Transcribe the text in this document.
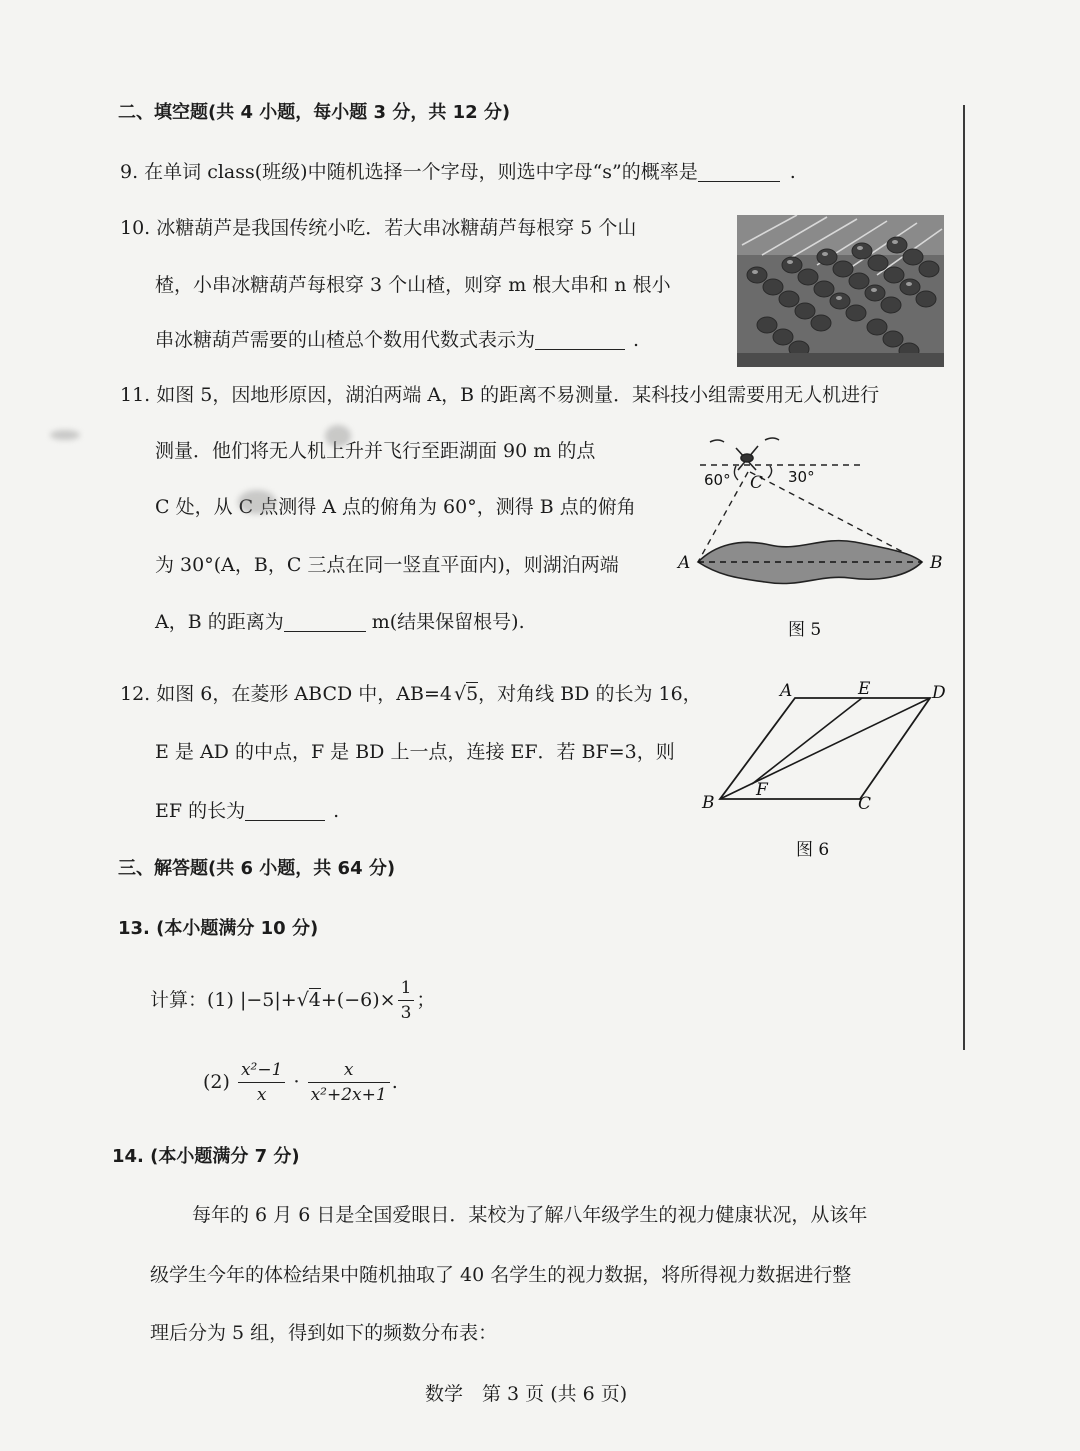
二、填空题(共 4 小题，每小题 3 分，共 12 分)
9. 在单词 class(班级)中随机选择一个字母，则选中字母“s”的概率是	.
10. 冰糖葫芦是我国传统小吃．若大串冰糖葫芦每根穿 5 个山
楂，小串冰糖葫芦每根穿 3 个山楂，则穿 m 根大串和 n 根小
串冰糖葫芦需要的山楂总个数用代数式表示为	.
11. 如图 5，因地形原因，湖泊两端 A，B 的距离不易测量．某科技小组需要用无人机进行
测量．他们将无人机上升并飞行至距湖面 90 m 的点
C 处，从 C 点测得 A 点的俯角为 60°，测得 B 点的俯角
为 30°(A，B，C 三点在同一竖直平面内)，则湖泊两端
A，B 的距离为	m(结果保留根号).
A	B
C
60°	30°
图 5
12. 如图 6，在菱形 ABCD 中，AB=4 √5，对角线 BD 的长为 16，
E 是 AD 的中点，F 是 BD 上一点，连接 EF．若 BF=3，则
EF 的长为	.
A	E	D
B
F
C
图 6
三、解答题(共 6 小题，共 64 分)
13. (本小题满分 10 分)
计算：(1) $|-5|+√4+(-6)\times \frac{1}{3}$ ；
$(2) \frac{\text{x²−1}}{x} \cdot \frac{x}{\text{x²+2x+1}}$ .
14. (本小题满分 7 分)
每年的 6 月 6 日是全国爱眼日．某校为了解八年级学生的视力健康状况，从该年
级学生今年的体检结果中随机抽取了 40 名学生的视力数据，将所得视力数据进行整
理后分为 5 组，得到如下的频数分布表：
数学　第 3 页 (共 6 页)
